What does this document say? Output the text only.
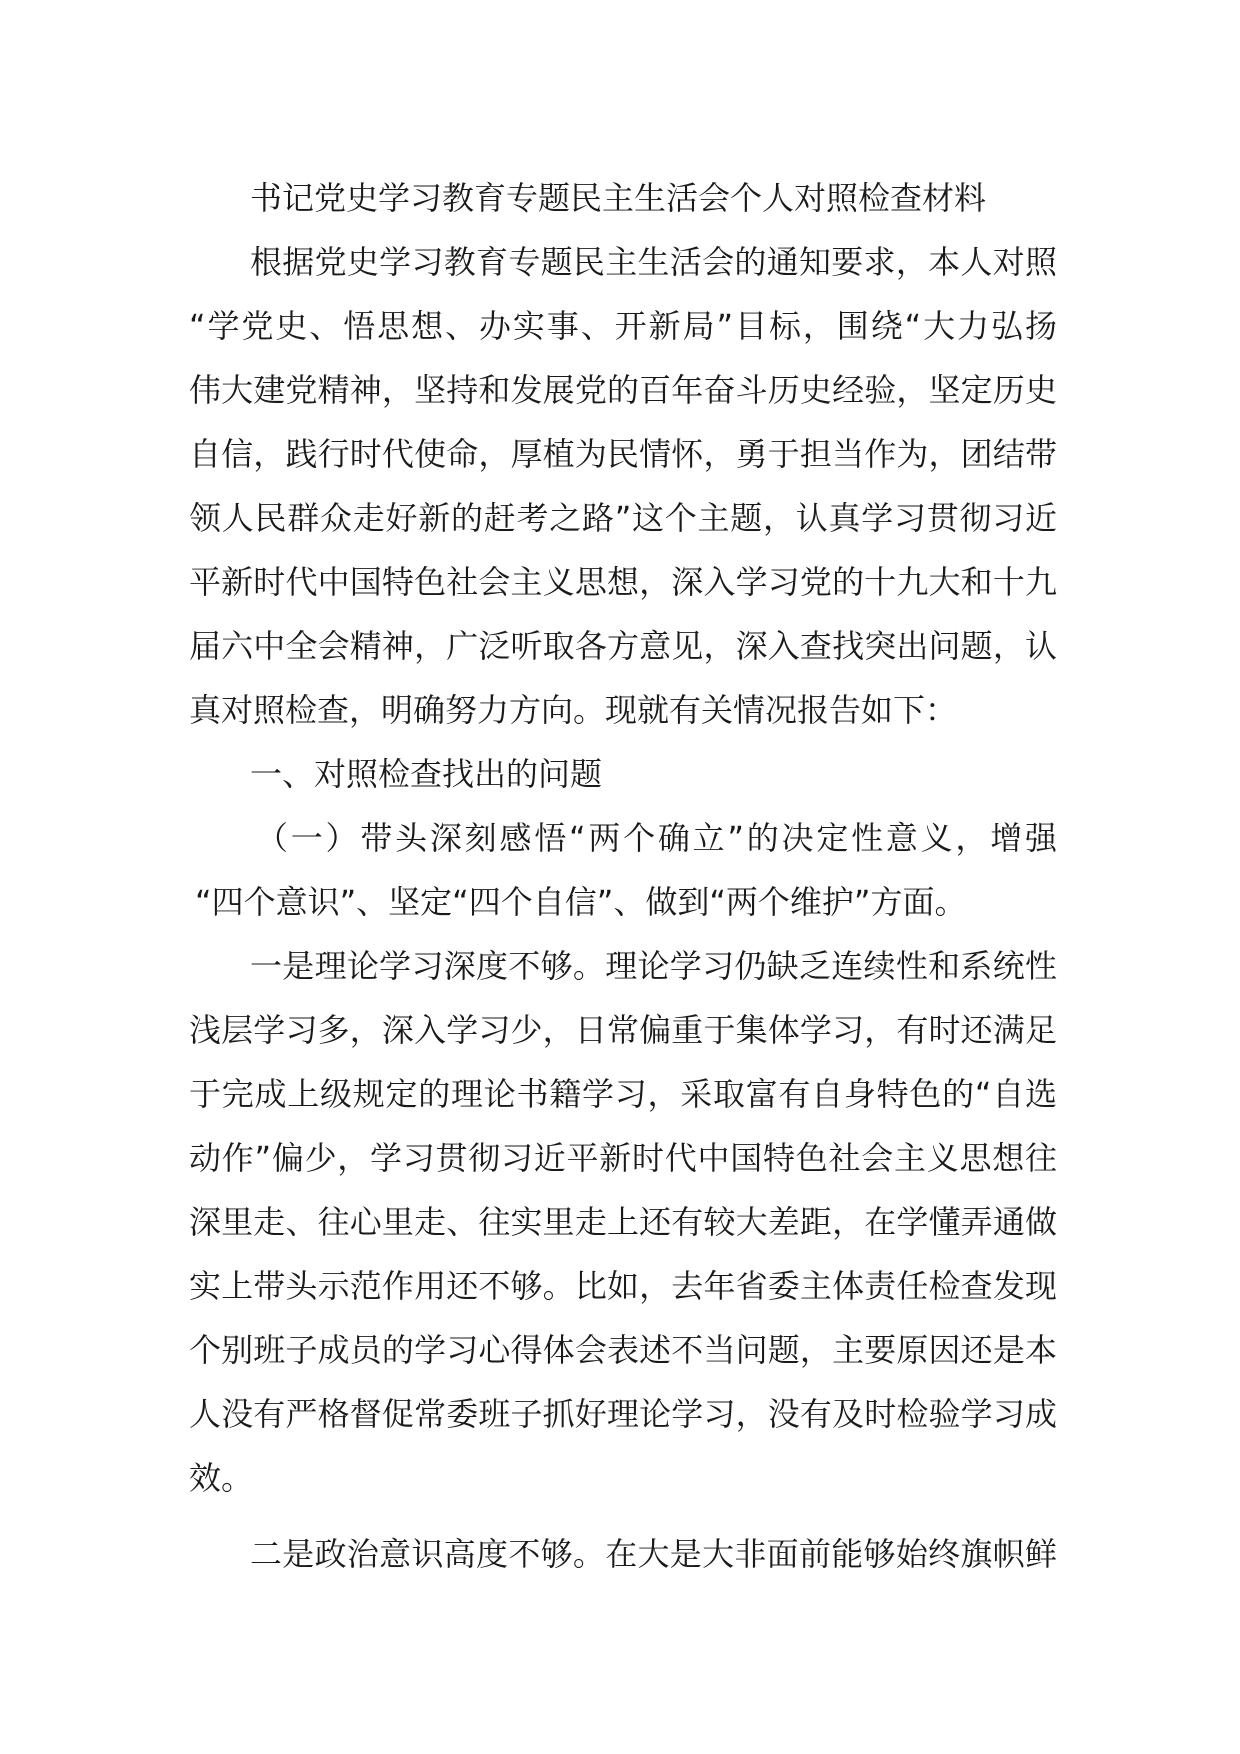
书记党史学习教育专题民主生活会个人对照检查材料
根据党史学习教育专题民主生活会的通知要求，本人对照
“学党史、悟思想、办实事、开新局”目标，围绕“大力弘扬
伟大建党精神，坚持和发展党的百年奋斗历史经验，坚定历史
自信，践行时代使命，厚植为民情怀，勇于担当作为，团结带
领人民群众走好新的赶考之路”这个主题，认真学习贯彻习近
平新时代中国特色社会主义思想，深入学习党的十九大和十九
届六中全会精神，广泛听取各方意见，深入查找突出问题，认
真对照检查，明确努力方向。现就有关情况报告如下：
一、对照检查找出的问题
（一）带头深刻感悟“两个确立”的决定性意义，增强
“四个意识”、坚定“四个自信”、做到“两个维护”方面。
一是理论学习深度不够。理论学习仍缺乏连续性和系统性
浅层学习多，深入学习少，日常偏重于集体学习，有时还满足
于完成上级规定的理论书籍学习，采取富有自身特色的“自选
动作”偏少，学习贯彻习近平新时代中国特色社会主义思想往
深里走、往心里走、往实里走上还有较大差距，在学懂弄通做
实上带头示范作用还不够。比如，去年省委主体责任检查发现
个别班子成员的学习心得体会表述不当问题，主要原因还是本
人没有严格督促常委班子抓好理论学习，没有及时检验学习成
效。
二是政治意识高度不够。在大是大非面前能够始终旗帜鲜
